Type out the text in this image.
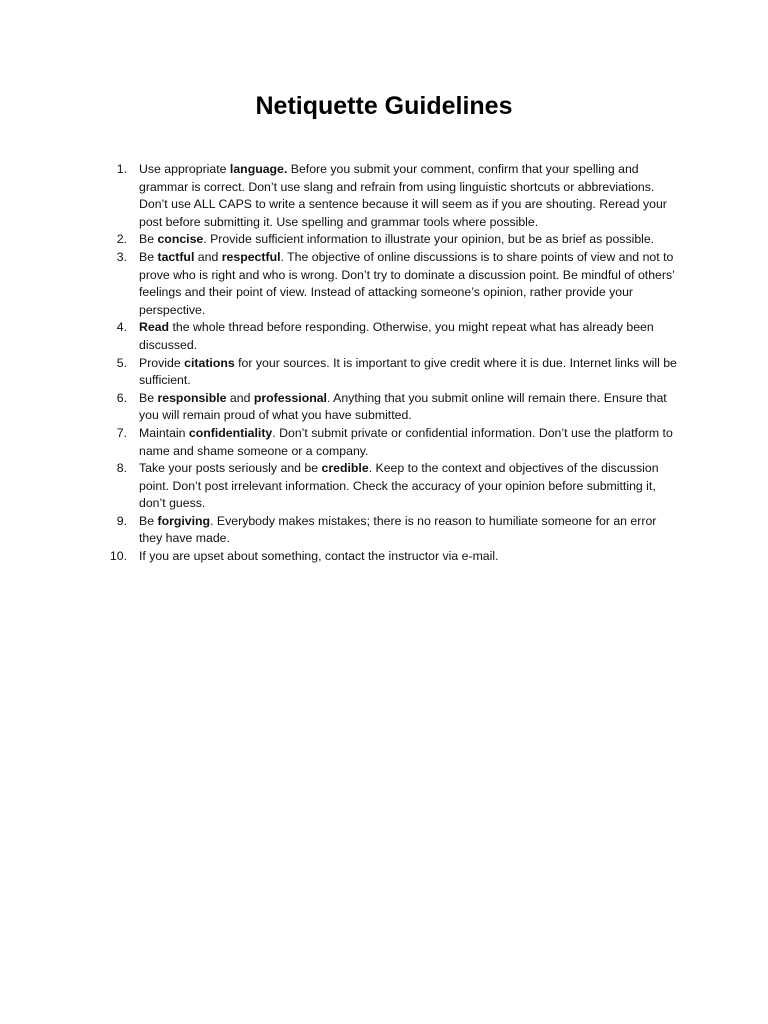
Netiquette Guidelines
1. Use appropriate language. Before you submit your comment, confirm that your spelling and grammar is correct. Don’t use slang and refrain from using linguistic shortcuts or abbreviations. Don’t use ALL CAPS to write a sentence because it will seem as if you are shouting. Reread your post before submitting it. Use spelling and grammar tools where possible.
2. Be concise. Provide sufficient information to illustrate your opinion, but be as brief as possible.
3. Be tactful and respectful. The objective of online discussions is to share points of view and not to prove who is right and who is wrong. Don’t try to dominate a discussion point. Be mindful of others’ feelings and their point of view. Instead of attacking someone’s opinion, rather provide your perspective.
4. Read the whole thread before responding. Otherwise, you might repeat what has already been discussed.
5. Provide citations for your sources. It is important to give credit where it is due. Internet links will be sufficient.
6. Be responsible and professional. Anything that you submit online will remain there. Ensure that you will remain proud of what you have submitted.
7. Maintain confidentiality. Don’t submit private or confidential information. Don’t use the platform to name and shame someone or a company.
8. Take your posts seriously and be credible. Keep to the context and objectives of the discussion point. Don’t post irrelevant information. Check the accuracy of your opinion before submitting it, don’t guess.
9. Be forgiving. Everybody makes mistakes; there is no reason to humiliate someone for an error they have made.
10. If you are upset about something, contact the instructor via e-mail.
